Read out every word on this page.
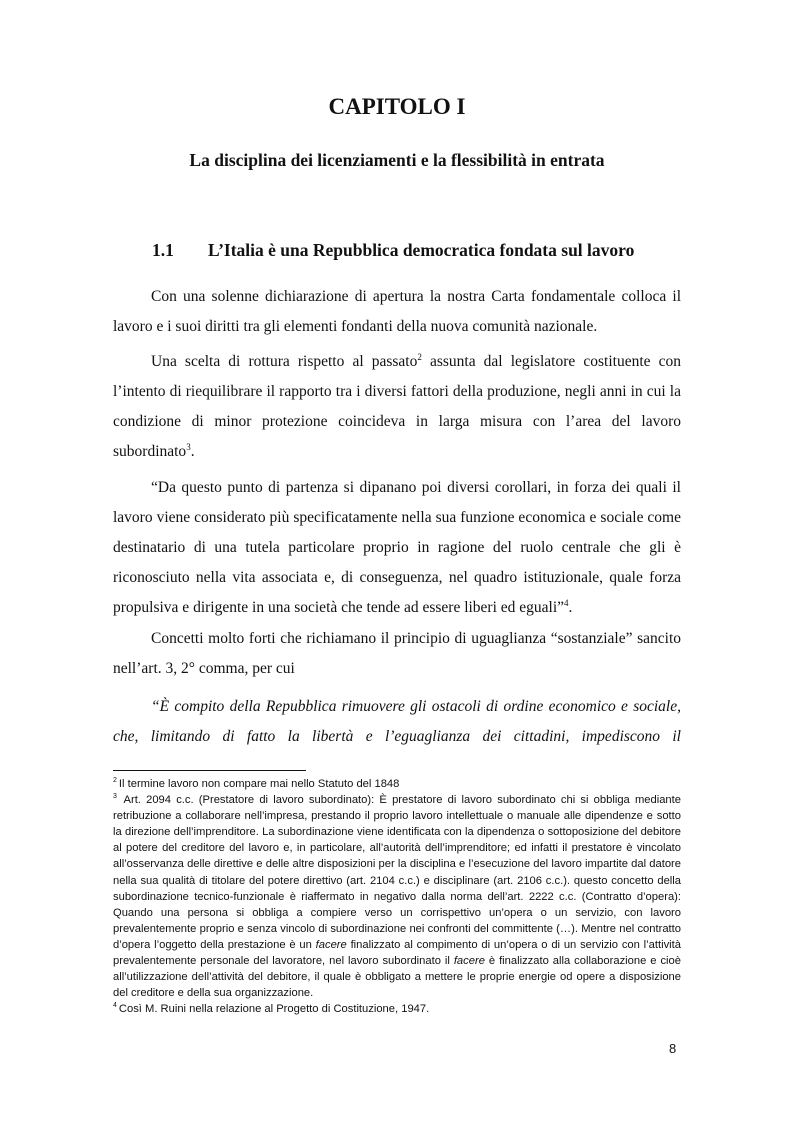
CAPITOLO I
La disciplina dei licenziamenti e la flessibilità in entrata
1.1 L’Italia è una Repubblica democratica fondata sul lavoro

Con una solenne dichiarazione di apertura la nostra Carta fondamentale colloca il lavoro e i suoi diritti tra gli elementi fondanti della nuova comunità nazionale.

Una scelta di rottura rispetto al passato$^2$ assunta dal legislatore costituente con l’intento di riequilibrare il rapporto tra i diversi fattori della produzione, negli anni in cui la condizione di minor protezione coincideva in larga misura con l’area del lavoro subordinato$^3$.

“Da questo punto di partenza si dipanano poi diversi corollari, in forza dei quali il lavoro viene considerato più specificatamente nella sua funzione economica e sociale come destinatario di una tutela particolare proprio in ragione del ruolo centrale che gli è riconosciuto nella vita associata e, di conseguenza, nel quadro istituzionale, quale forza propulsiva e dirigente in una società che tende ad essere liberi ed eguali”$^4$.

Concetti molto forti che richiamano il principio di uguaglianza “sostanziale” sancito nell’art. 3, 2° comma, per cui

“È compito della Repubblica rimuovere gli ostacoli di ordine economico e sociale, che, limitando di fatto la libertà e l’eguaglianza dei cittadini, impediscono il

$^2$ Il termine lavoro non compare mai nello Statuto del 1848

$^3$ Art. 2094 c.c. (Prestatore di lavoro subordinato): È prestatore di lavoro subordinato chi si obbliga mediante retribuzione a collaborare nell’impresa, prestando il proprio lavoro intellettuale o manuale alle dipendenze e sotto la direzione dell’imprenditore. La subordinazione viene identificata con la dipendenza o sottoposizione del debitore al potere del creditore del lavoro e, in particolare, all’autorità dell’imprenditore; ed infatti il prestatore è vincolato all’osservanza delle direttive e delle altre disposizioni per la disciplina e l’esecuzione del lavoro impartite dal datore nella sua qualità di titolare del potere direttivo (art. 2104 c.c.) e disciplinare (art. 2106 c.c.). questo concetto della subordinazione tecnico-funzionale è riaffermato in negativo dalla norma dell’art. 2222 c.c. (Contratto d’opera): Quando una persona si obbliga a compiere verso un corrispettivo un’opera o un servizio, con lavoro prevalentemente proprio e senza vincolo di subordinazione nei confronti del committente (…). Mentre nel contratto d’opera l’oggetto della prestazione è un facere finalizzato al compimento di un’opera o di un servizio con l’attività prevalentemente personale del lavoratore, nel lavoro subordinato il facere è finalizzato alla collaborazione e cioè all’utilizzazione dell’attività del debitore, il quale è obbligato a mettere le proprie energie od opere a disposizione del creditore e della sua organizzazione.

$^4$ Così M. Ruini nella relazione al Progetto di Costituzione, 1947.

8
